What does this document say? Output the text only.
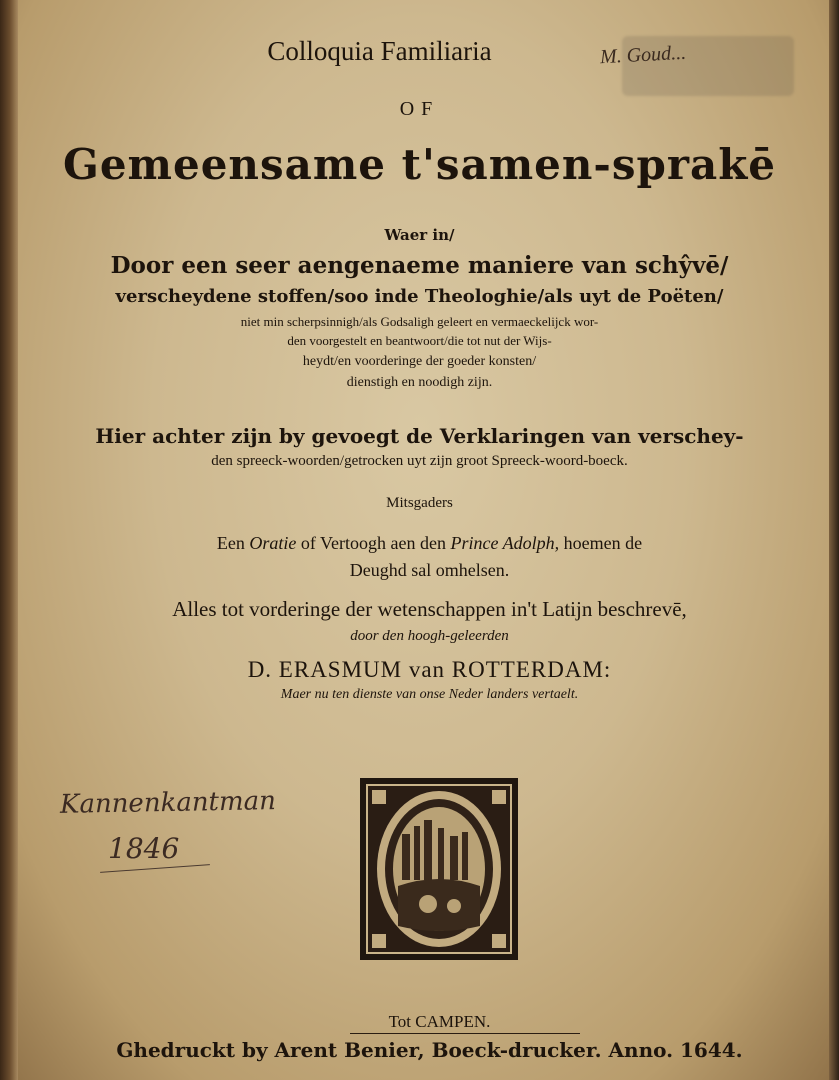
M. Goud...
Colloquia Familiaria
OF
Gemeensame t'samen-sprakē
Waer in/
Door een seer aengenaeme maniere van schŷvē/
verscheydene stoffen/soo inde Theologhie/als uyt de Poëten/
niet min scherpsinnigh/als Godsaligh geleert en vermaeckelijck wor-
den voorgestelt en beantwoort/die tot nut der Wijs-
heydt/en voorderinge der goeder konsten/
dienstigh en noodigh zijn.
Hier achter zijn by gevoegt de Verklaringen van verschey-
den spreeck-woorden/getrocken uyt zijn groot Spreeck-woord-boeck.
Mitsgaders
Een Oratie of Vertoogh aen den Prince Adolph, hoemen de
Deughd sal omhelsen.
Alles tot vorderinge der wetenschappen in't Latijn beschrevē,
door den hoogh-geleerden
D. ERASMUM van ROTTERDAM:
Maer nu ten dienste van onse Neder landers vertaelt.
Kannenkantman
1846
Tot CAMPEN.
Ghedruckt by Arent Benier, Boeck-drucker. Anno. 1644.
